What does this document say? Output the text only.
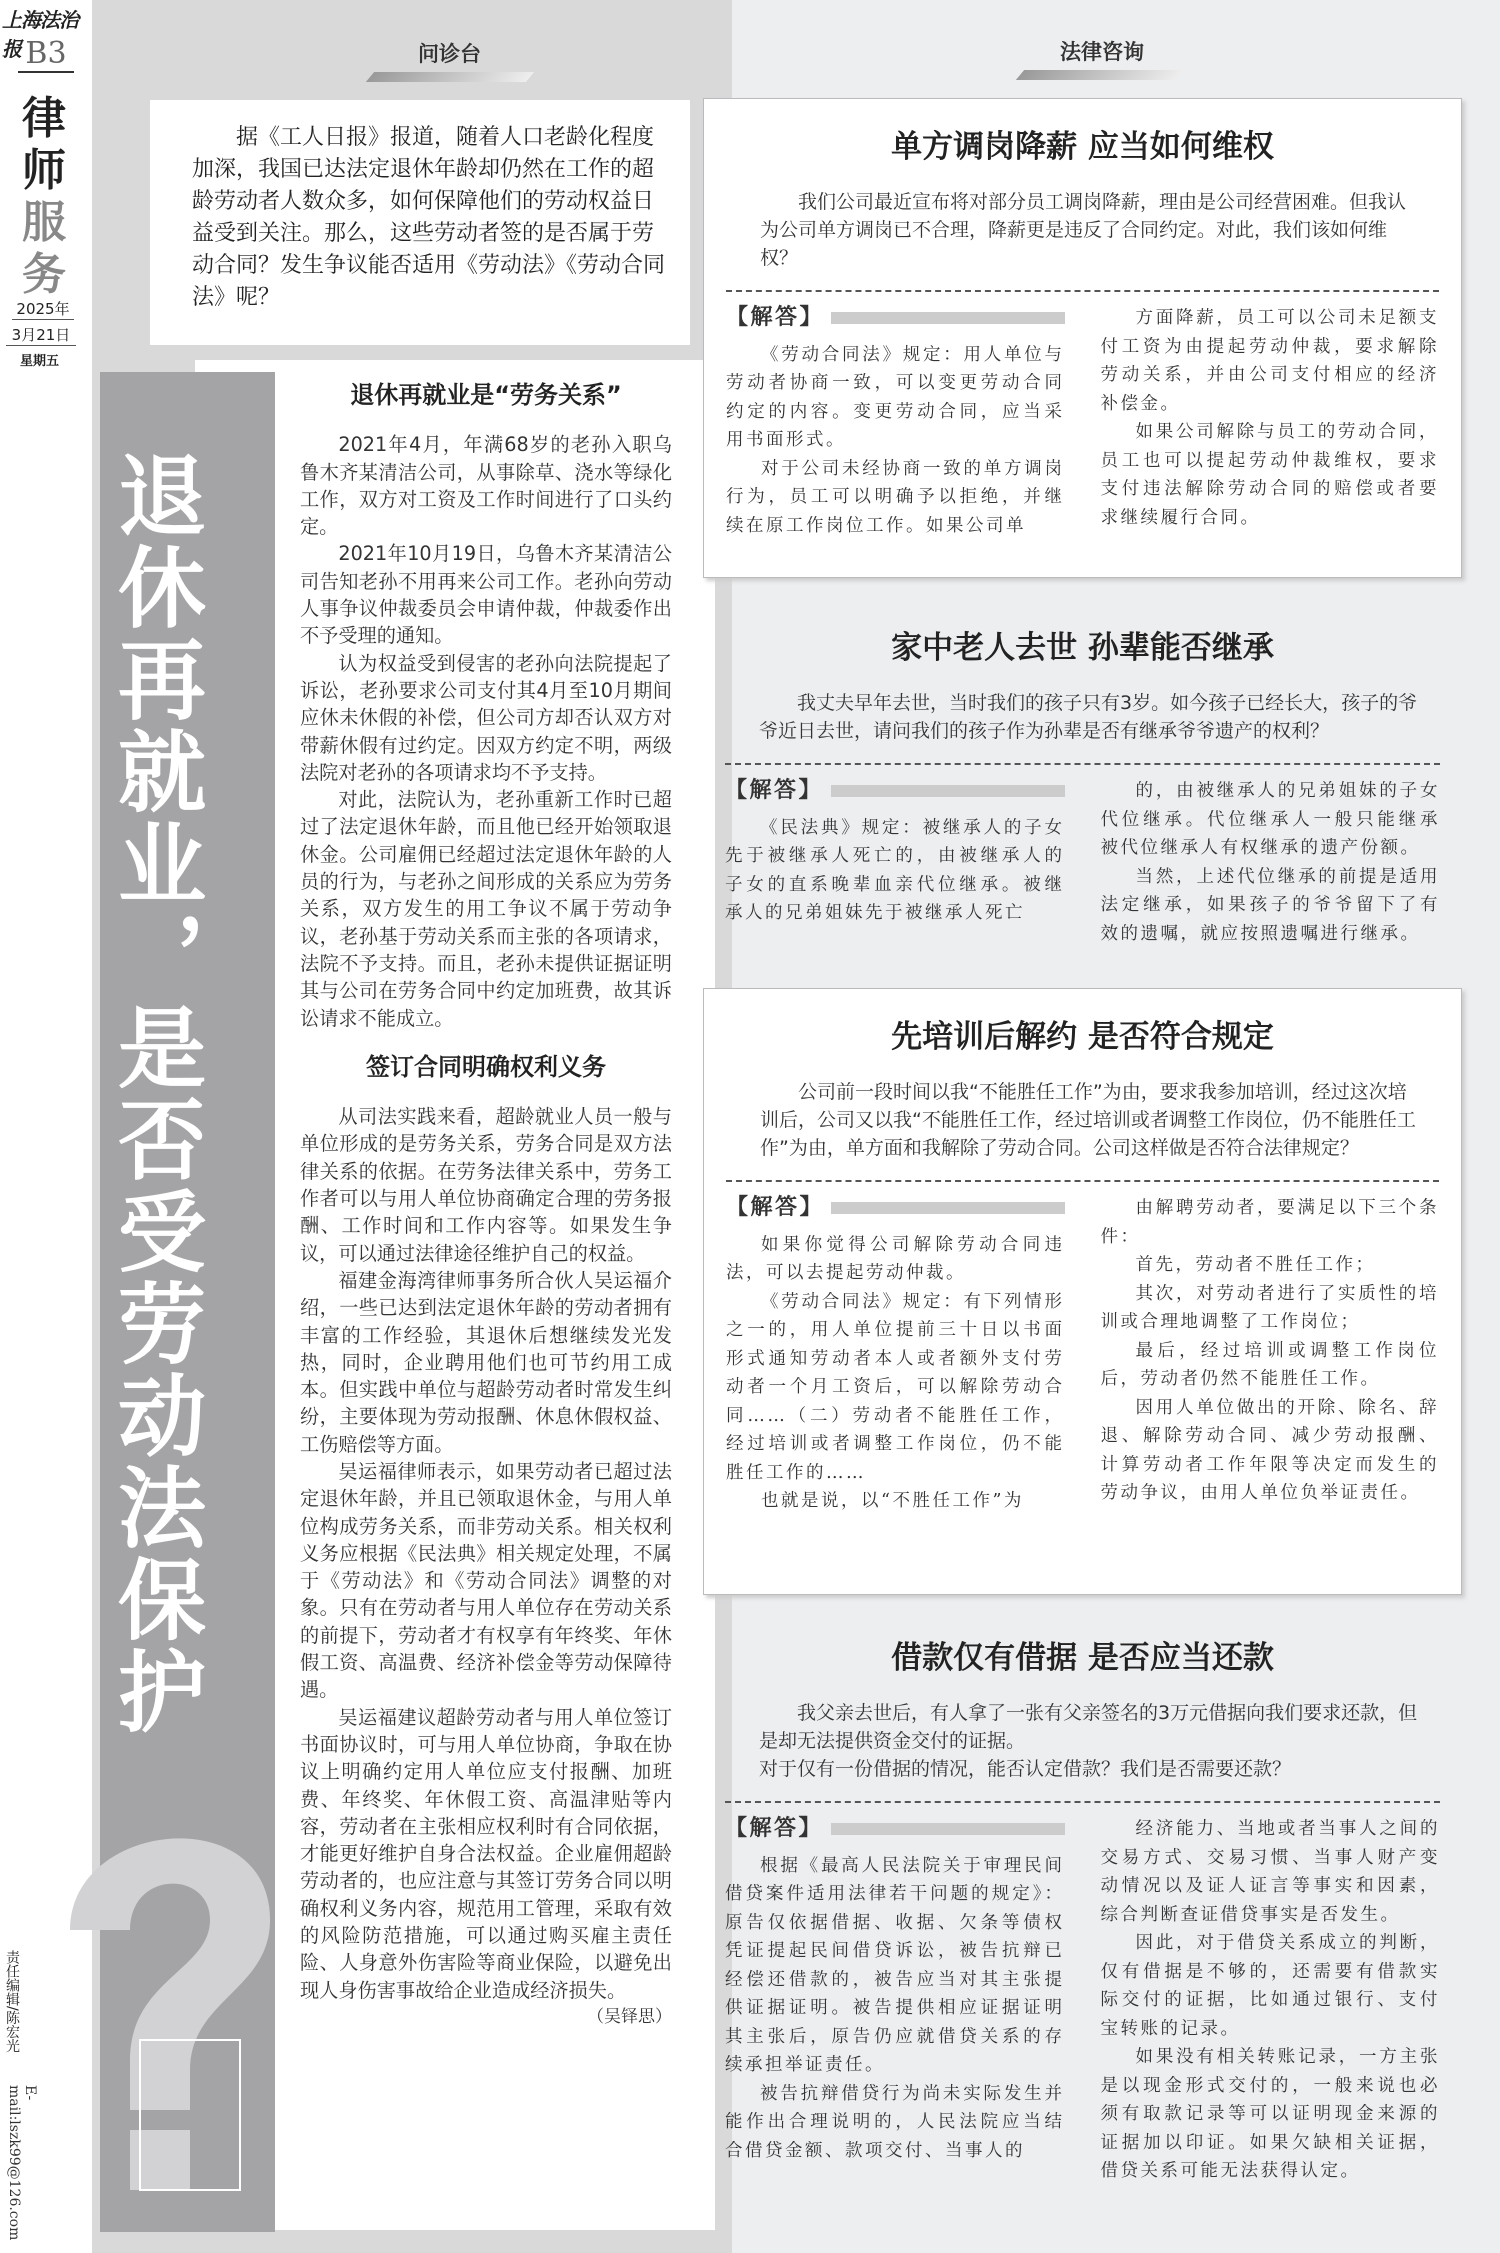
上海法治报 B3
律
师
服
务
2025年
3月21日
星期五
责任编辑/陈宏光
E-mail:lszk99@126.com
退休再就业，是否受劳动法保护
问诊台

据《工人日报》报道，随着人口老龄化程度加深，我国已达法定退休年龄却仍然在工作的超龄劳动者人数众多，如何保障他们的劳动权益日益受到关注。那么，这些劳动者签的是否属于劳动合同？发生争议能否适用《劳动法》《劳动合同法》呢？

退休再就业是“劳务关系”

2021年4月，年满68岁的老孙入职乌鲁木齐某清洁公司，从事除草、浇水等绿化工作，双方对工资及工作时间进行了口头约定。

2021年10月19日，乌鲁木齐某清洁公司告知老孙不用再来公司工作。老孙向劳动人事争议仲裁委员会申请仲裁，仲裁委作出不予受理的通知。

认为权益受到侵害的老孙向法院提起了诉讼，老孙要求公司支付其4月至10月期间应休未休假的补偿，但公司方却否认双方对带薪休假有过约定。因双方约定不明，两级法院对老孙的各项请求均不予支持。

对此，法院认为，老孙重新工作时已超过了法定退休年龄，而且他已经开始领取退休金。公司雇佣已经超过法定退休年龄的人员的行为，与老孙之间形成的关系应为劳务关系，双方发生的用工争议不属于劳动争议，老孙基于劳动关系而主张的各项请求，法院不予支持。而且，老孙未提供证据证明其与公司在劳务合同中约定加班费，故其诉讼请求不能成立。

签订合同明确权利义务

从司法实践来看，超龄就业人员一般与单位形成的是劳务关系，劳务合同是双方法律关系的依据。在劳务法律关系中，劳务工作者可以与用人单位协商确定合理的劳务报酬、工作时间和工作内容等。如果发生争议，可以通过法律途径维护自己的权益。

福建金海湾律师事务所合伙人吴运福介绍，一些已达到法定退休年龄的劳动者拥有丰富的工作经验，其退休后想继续发光发热，同时，企业聘用他们也可节约用工成本。但实践中单位与超龄劳动者时常发生纠纷，主要体现为劳动报酬、休息休假权益、工伤赔偿等方面。

吴运福律师表示，如果劳动者已超过法定退休年龄，并且已领取退休金，与用人单位构成劳务关系，而非劳动关系。相关权利义务应根据《民法典》相关规定处理，不属于《劳动法》和《劳动合同法》调整的对象。只有在劳动者与用人单位存在劳动关系的前提下，劳动者才有权享有年终奖、年休假工资、高温费、经济补偿金等劳动保障待遇。

吴运福建议超龄劳动者与用人单位签订书面协议时，可与用人单位协商，争取在协议上明确约定用人单位应支付报酬、加班费、年终奖、年休假工资、高温津贴等内容，劳动者在主张相应权利时有合同依据，才能更好维护自身合法权益。企业雇佣超龄劳动者的，也应注意与其签订劳务合同以明确权利义务内容，规范用工管理，采取有效的风险防范措施，可以通过购买雇主责任险、人身意外伤害险等商业保险，以避免出现人身伤害事故给企业造成经济损失。

（吴铎思）
法律咨询
单方调岗降薪 应当如何维权

我们公司最近宣布将对部分员工调岗降薪，理由是公司经营困难。但我认为公司单方调岗已不合理，降薪更是违反了合同约定。对此，我们该如何维权？

【解答】

《劳动合同法》规定：用人单位与劳动者协商一致，可以变更劳动合同约定的内容。变更劳动合同，应当采用书面形式。

对于公司未经协商一致的单方调岗行为，员工可以明确予以拒绝，并继续在原工作岗位工作。如果公司单

方面降薪，员工可以公司未足额支付工资为由提起劳动仲裁，要求解除劳动关系，并由公司支付相应的经济补偿金。

如果公司解除与员工的劳动合同，员工也可以提起劳动仲裁维权，要求支付违法解除劳动合同的赔偿或者要求继续履行合同。

家中老人去世 孙辈能否继承

我丈夫早年去世，当时我们的孩子只有3岁。如今孩子已经长大，孩子的爷爷近日去世，请问我们的孩子作为孙辈是否有继承爷爷遗产的权利？

【解答】

《民法典》规定：被继承人的子女先于被继承人死亡的，由被继承人的子女的直系晚辈血亲代位继承。被继承人的兄弟姐妹先于被继承人死亡

的，由被继承人的兄弟姐妹的子女代位继承。代位继承人一般只能继承被代位继承人有权继承的遗产份额。

当然，上述代位继承的前提是适用法定继承，如果孩子的爷爷留下了有效的遗嘱，就应按照遗嘱进行继承。

先培训后解约 是否符合规定

公司前一段时间以我“不能胜任工作”为由，要求我参加培训，经过这次培训后，公司又以我“不能胜任工作，经过培训或者调整工作岗位，仍不能胜任工作”为由，单方面和我解除了劳动合同。公司这样做是否符合法律规定？

【解答】

如果你觉得公司解除劳动合同违法，可以去提起劳动仲裁。

《劳动合同法》规定：有下列情形之一的，用人单位提前三十日以书面形式通知劳动者本人或者额外支付劳动者一个月工资后，可以解除劳动合同……（二）劳动者不能胜任工作，经过培训或者调整工作岗位，仍不能胜任工作的……

也就是说，以“不胜任工作”为

由解聘劳动者，要满足以下三个条件：

首先，劳动者不胜任工作；

其次，对劳动者进行了实质性的培训或合理地调整了工作岗位；

最后，经过培训或调整工作岗位后，劳动者仍然不能胜任工作。

因用人单位做出的开除、除名、辞退、解除劳动合同、减少劳动报酬、计算劳动者工作年限等决定而发生的劳动争议，由用人单位负举证责任。

借款仅有借据 是否应当还款

我父亲去世后，有人拿了一张有父亲签名的3万元借据向我们要求还款，但是却无法提供资金交付的证据。
对于仅有一份借据的情况，能否认定借款？我们是否需要还款？

【解答】

根据《最高人民法院关于审理民间借贷案件适用法律若干问题的规定》：原告仅依据借据、收据、欠条等债权凭证提起民间借贷诉讼，被告抗辩已经偿还借款的，被告应当对其主张提供证据证明。被告提供相应证据证明其主张后，原告仍应就借贷关系的存续承担举证责任。

被告抗辩借贷行为尚未实际发生并能作出合理说明的，人民法院应当结合借贷金额、款项交付、当事人的

经济能力、当地或者当事人之间的交易方式、交易习惯、当事人财产变动情况以及证人证言等事实和因素，综合判断查证借贷事实是否发生。

因此，对于借贷关系成立的判断，仅有借据是不够的，还需要有借款实际交付的证据，比如通过银行、支付宝转账的记录。

如果没有相关转账记录，一方主张是以现金形式交付的，一般来说也必须有取款记录等可以证明现金来源的证据加以印证。如果欠缺相关证据，借贷关系可能无法获得认定。
